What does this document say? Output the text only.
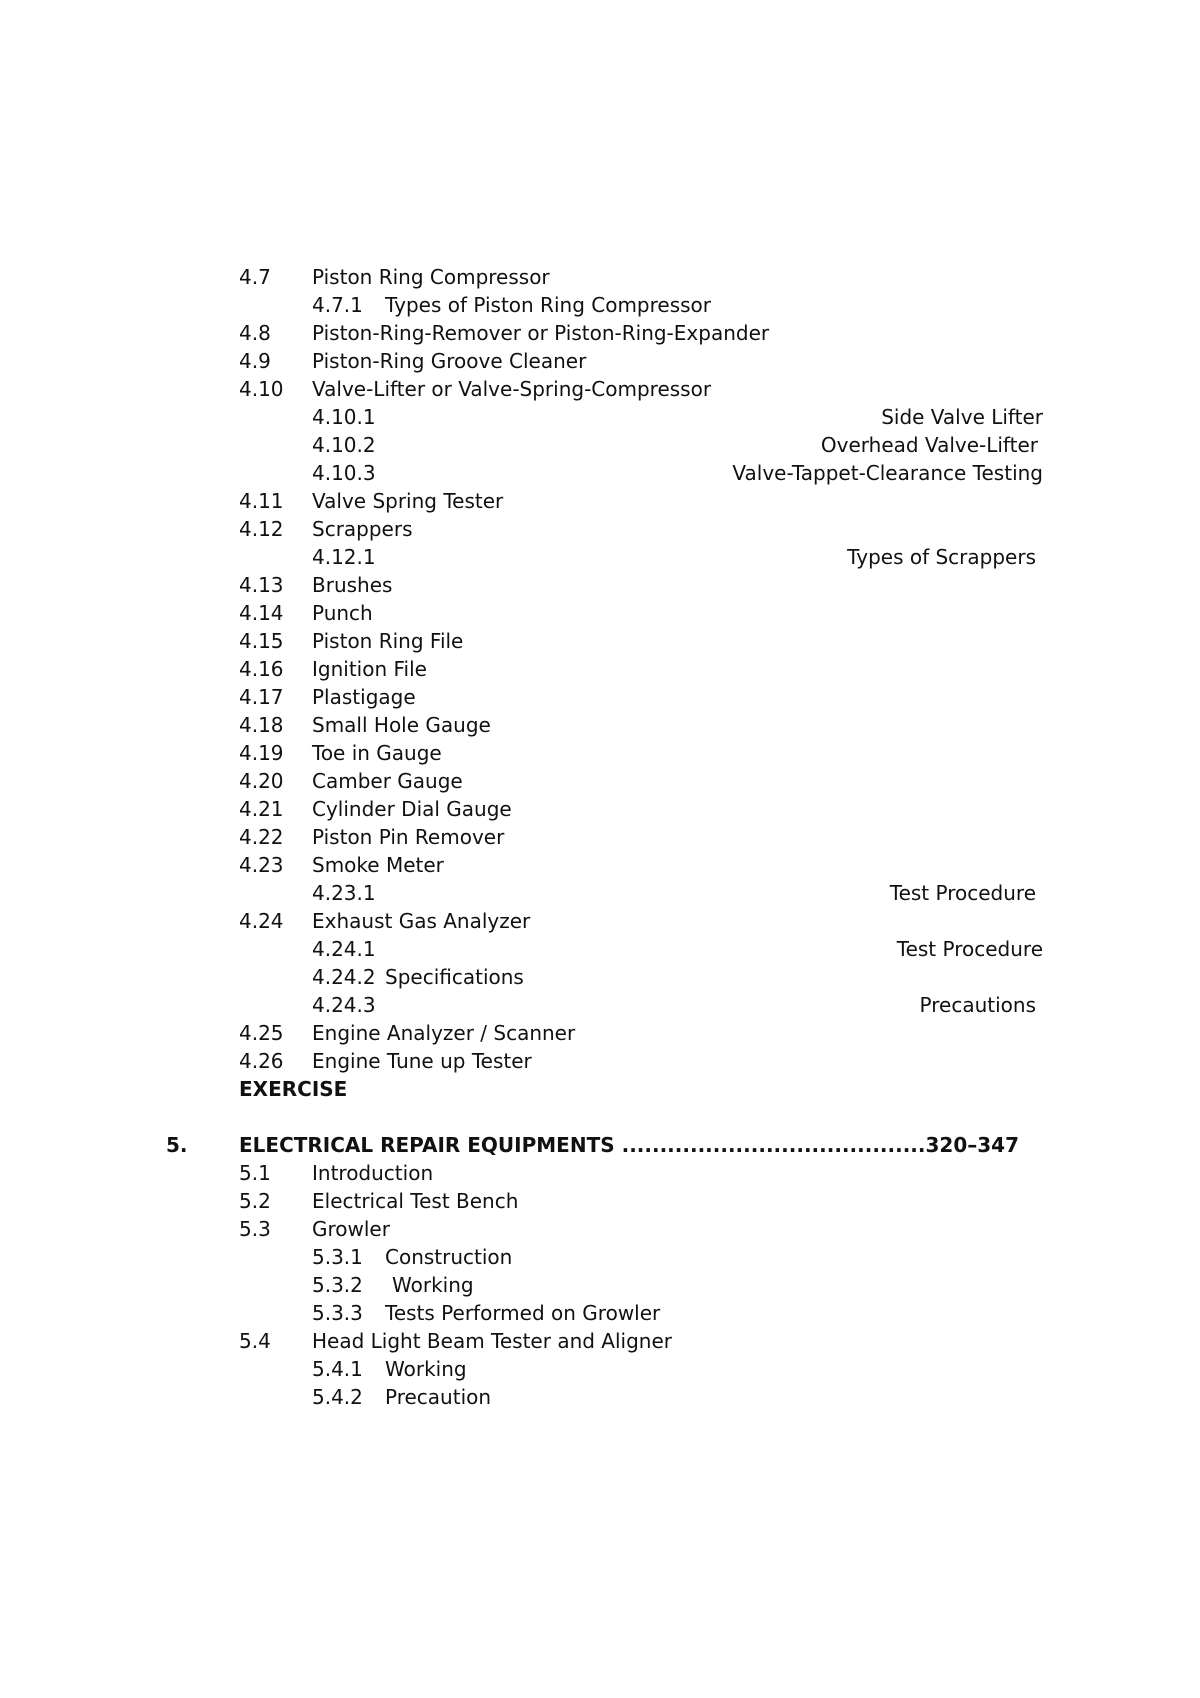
4.7 Piston Ring Compressor
4.7.1 Types of Piston Ring Compressor
4.8 Piston-Ring-Remover or Piston-Ring-Expander
4.9 Piston-Ring Groove Cleaner
4.10 Valve-Lifter or Valve-Spring-Compressor
4.10.1	Side Valve Lifter
4.10.2	Overhead Valve-Lifter
4.10.3	Valve-Tappet-Clearance Testing
4.11 Valve Spring Tester
4.12 Scrappers
4.12.1	Types of Scrappers
4.13 Brushes
4.14 Punch
4.15 Piston Ring File
4.16 Ignition File
4.17 Plastigage
4.18 Small Hole Gauge
4.19 Toe in Gauge
4.20 Camber Gauge
4.21 Cylinder Dial Gauge
4.22 Piston Pin Remover
4.23 Smoke Meter
4.23.1	Test Procedure
4.24 Exhaust Gas Analyzer
4.24.1	Test Procedure
4.24.2 Specifications
4.24.3	Precautions
4.25 Engine Analyzer / Scanner
4.26 Engine Tune up Tester
EXERCISE
5.	ELECTRICAL REPAIR EQUIPMENTS ........................................320–347
5.1 Introduction
5.2 Electrical Test Bench
5.3 Growler
5.3.1 Construction
5.3.2 Working
5.3.3 Tests Performed on Growler
5.4 Head Light Beam Tester and Aligner
5.4.1 Working
5.4.2 Precaution
